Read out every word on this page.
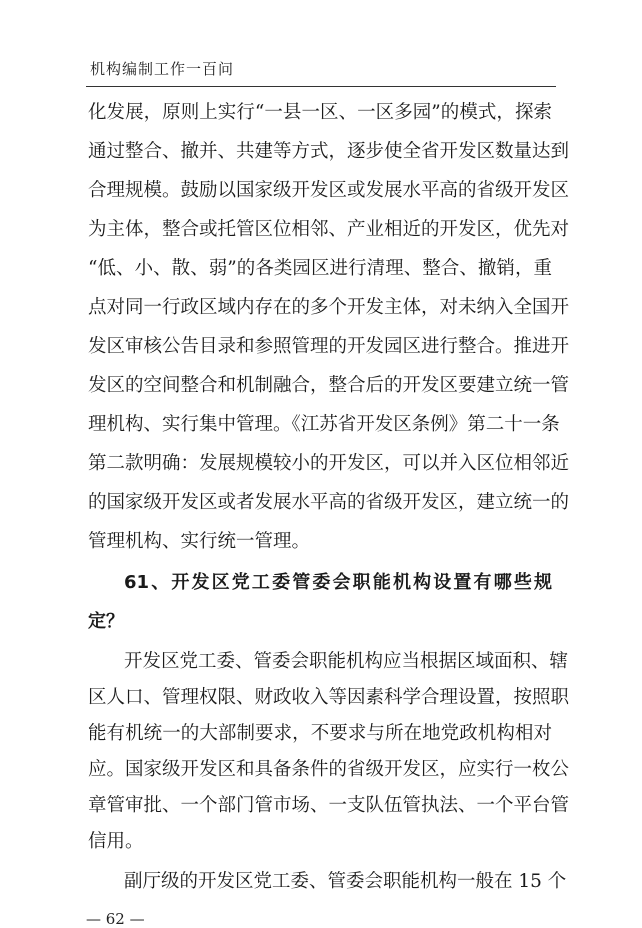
机构编制工作一百问
化发展，原则上实行“一县一区、一区多园”的模式，探索
通过整合、撤并、共建等方式，逐步使全省开发区数量达到
合理规模。鼓励以国家级开发区或发展水平高的省级开发区
为主体，整合或托管区位相邻、产业相近的开发区，优先对
“低、小、散、弱”的各类园区进行清理、整合、撤销，重
点对同一行政区域内存在的多个开发主体，对未纳入全国开
发区审核公告目录和参照管理的开发园区进行整合。推进开
发区的空间整合和机制融合，整合后的开发区要建立统一管
理机构、实行集中管理。《江苏省开发区条例》第二十一条
第二款明确：发展规模较小的开发区，可以并入区位相邻近
的国家级开发区或者发展水平高的省级开发区，建立统一的
管理机构、实行统一管理。
61、开发区党工委管委会职能机构设置有哪些规
定？
开发区党工委、管委会职能机构应当根据区域面积、辖
区人口、管理权限、财政收入等因素科学合理设置，按照职
能有机统一的大部制要求，不要求与所在地党政机构相对
应。国家级开发区和具备条件的省级开发区，应实行一枚公
章管审批、一个部门管市场、一支队伍管执法、一个平台管
信用。
— 62 —
副厅级的开发区党工委、管委会职能机构一般在 15 个
